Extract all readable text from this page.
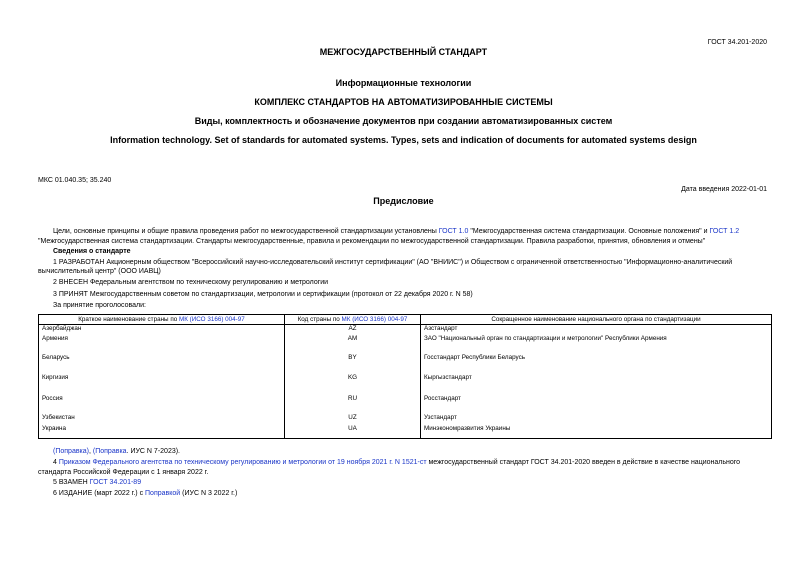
ГОСТ 34.201-2020
МЕЖГОСУДАРСТВЕННЫЙ СТАНДАРТ
Информационные технологии
КОМПЛЕКС СТАНДАРТОВ НА АВТОМАТИЗИРОВАННЫЕ СИСТЕМЫ
Виды, комплектность и обозначение документов при создании автоматизированных систем
Information technology. Set of standards for automated systems. Types, sets and indication of documents for automated systems design
МКС 01.040.35; 35.240
Дата введения 2022-01-01
Предисловие
Цели, основные принципы и общие правила проведения работ по межгосударственной стандартизации установлены ГОСТ 1.0 "Межгосударственная система стандартизации. Основные положения" и ГОСТ 1.2
"Межгосударственная система стандартизации. Стандарты межгосударственные, правила и рекомендации по межгосударственной стандартизации. Правила разработки, принятия, обновления и отмены"
Сведения о стандарте
1 РАЗРАБОТАН Акционерным обществом "Всероссийский научно-исследовательский институт сертификации" (АО "ВНИИС") и Обществом с ограниченной ответственностью "Информационно-аналитический
вычислительный центр" (ООО ИАВЦ)
2 ВНЕСЕН Федеральным агентством по техническому регулированию и метрологии
3 ПРИНЯТ Межгосударственным советом по стандартизации, метрологии и сертификации (протокол от 22 декабря 2020 г. N 58)
За принятие проголосовали:
Краткое наименование страны по МК (ИСО 3166) 004-97	Код страны по МК (ИСО 3166) 004-97	Сокращенное наименование национального органа по стандартизации
Азербайджан	AZ	Азстандарт
Армения	AM	ЗАО "Национальный орган по стандартизации и метрологии" Республики Армения
Беларусь	BY	Госстандарт Республики Беларусь
Киргизия	KG	Кыргызстандарт
Россия	RU	Росстандарт
Узбекистан	UZ	Узстандарт
Украина	UA	Минэкономразвития Украины
(Поправка), (Поправка. ИУС N 7-2023).
4 Приказом Федерального агентства по техническому регулированию и метрологии от 19 ноября 2021 г. N 1521-ст межгосударственный стандарт ГОСТ 34.201-2020 введен в действие в качестве национального
стандарта Российской Федерации с 1 января 2022 г.
5 ВЗАМЕН ГОСТ 34.201-89
6 ИЗДАНИЕ (март 2022 г.) с Поправкой (ИУС N 3 2022 г.)
